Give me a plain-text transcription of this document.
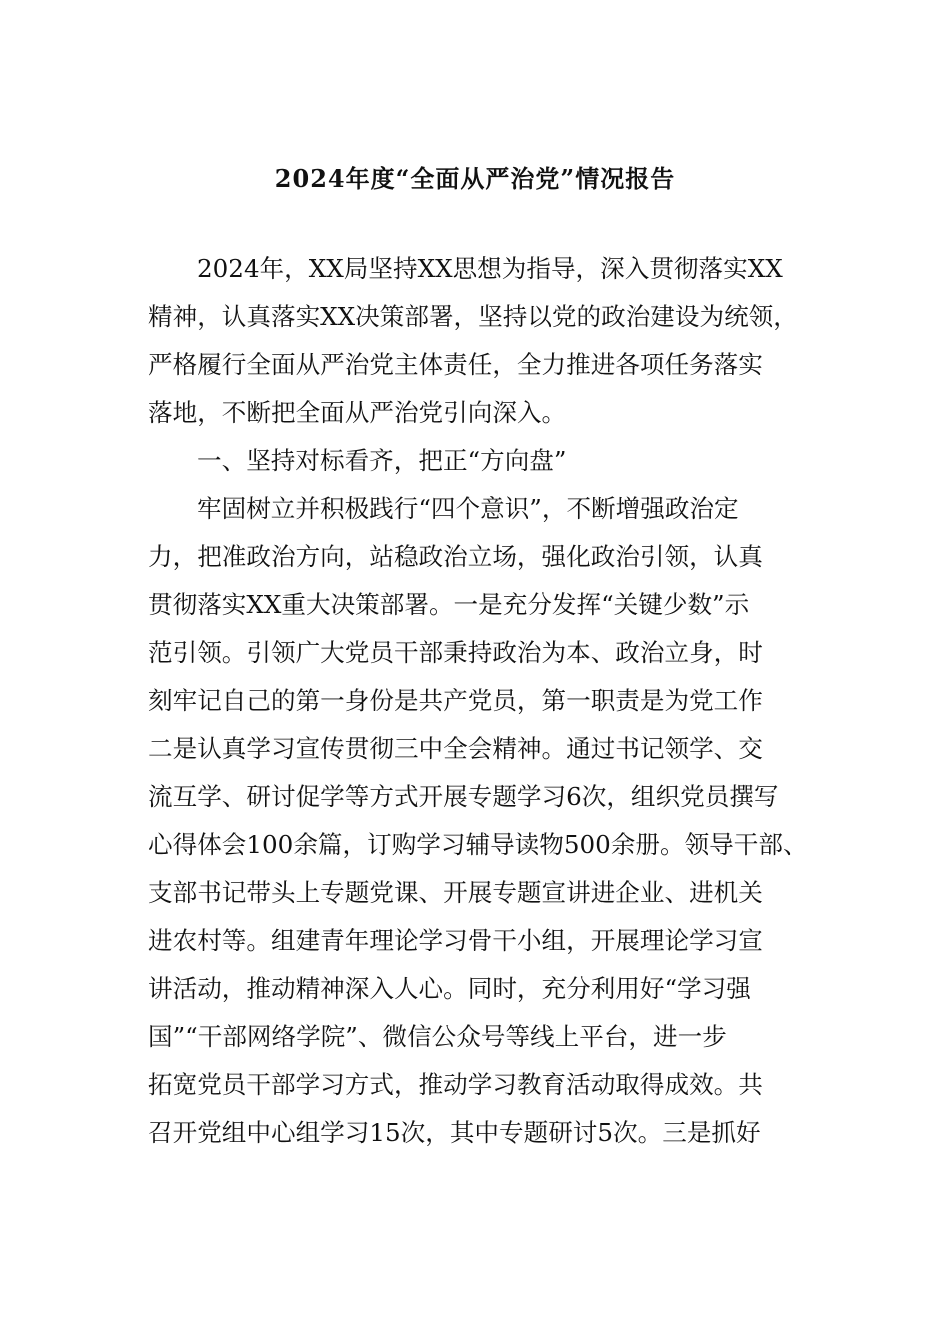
2024年度“全面从严治党”情况报告
2024年，XX局坚持XX思想为指导，深入贯彻落实XX
精神，认真落实XX决策部署，坚持以党的政治建设为统领，
严格履行全面从严治党主体责任，全力推进各项任务落实
落地，不断把全面从严治党引向深入。
一、坚持对标看齐，把正“方向盘”
牢固树立并积极践行“四个意识”，不断增强政治定
力，把准政治方向，站稳政治立场，强化政治引领，认真
贯彻落实XX重大决策部署。一是充分发挥“关键少数”示
范引领。引领广大党员干部秉持政治为本、政治立身，时
刻牢记自己的第一身份是共产党员，第一职责是为党工作
二是认真学习宣传贯彻三中全会精神。通过书记领学、交
流互学、研讨促学等方式开展专题学习6次，组织党员撰写
心得体会100余篇，订购学习辅导读物500余册。领导干部、
支部书记带头上专题党课、开展专题宣讲进企业、进机关
进农村等。组建青年理论学习骨干小组，开展理论学习宣
讲活动，推动精神深入人心。同时，充分利用好“学习强
国”“干部网络学院”、微信公众号等线上平台，进一步
拓宽党员干部学习方式，推动学习教育活动取得成效。共
召开党组中心组学习15次，其中专题研讨5次。三是抓好
